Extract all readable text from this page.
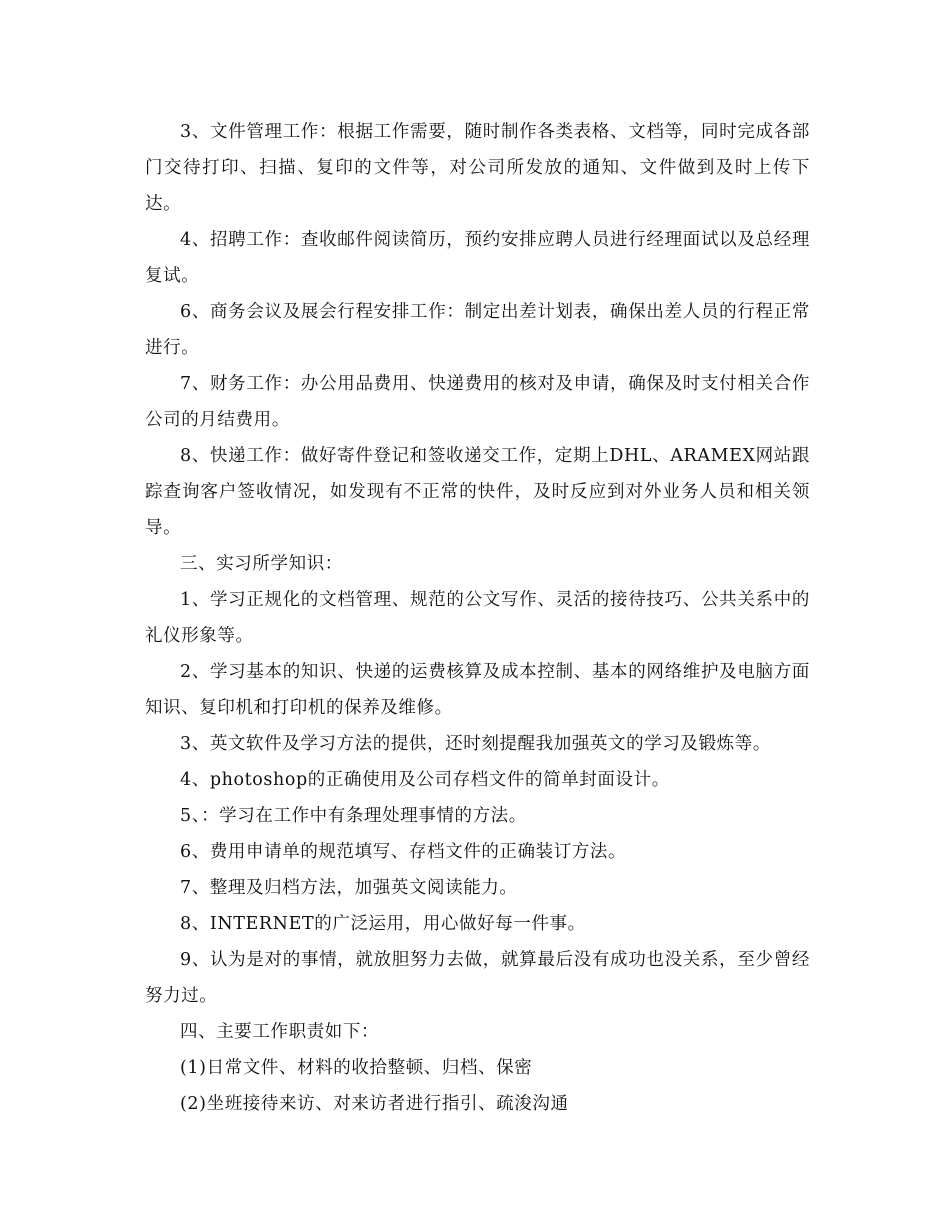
3、文件管理工作：根据工作需要，随时制作各类表格、文档等，同时完成各部门交待打印、扫描、复印的文件等，对公司所发放的通知、文件做到及时上传下达。

4、招聘工作：查收邮件阅读简历，预约安排应聘人员进行经理面试以及总经理复试。

6、商务会议及展会行程安排工作：制定出差计划表，确保出差人员的行程正常进行。

7、财务工作：办公用品费用、快递费用的核对及申请，确保及时支付相关合作公司的月结费用。

8、快递工作：做好寄件登记和签收递交工作，定期上DHL、ARAMEX网站跟踪查询客户签收情况，如发现有不正常的快件，及时反应到对外业务人员和相关领导。

三、实习所学知识：

1、学习正规化的文档管理、规范的公文写作、灵活的接待技巧、公共关系中的礼仪形象等。

2、学习基本的知识、快递的运费核算及成本控制、基本的网络维护及电脑方面知识、复印机和打印机的保养及维修。

3、英文软件及学习方法的提供，还时刻提醒我加强英文的学习及锻炼等。

4、photoshop的正确使用及公司存档文件的简单封面设计。

5、：学习在工作中有条理处理事情的方法。

6、费用申请单的规范填写、存档文件的正确装订方法。

7、整理及归档方法，加强英文阅读能力。

8、INTERNET的广泛运用，用心做好每一件事。

9、认为是对的事情，就放胆努力去做，就算最后没有成功也没关系，至少曾经努力过。

四、主要工作职责如下：

(1)日常文件、材料的收拾整顿、归档、保密

(2)坐班接待来访、对来访者进行指引、疏浚沟通
